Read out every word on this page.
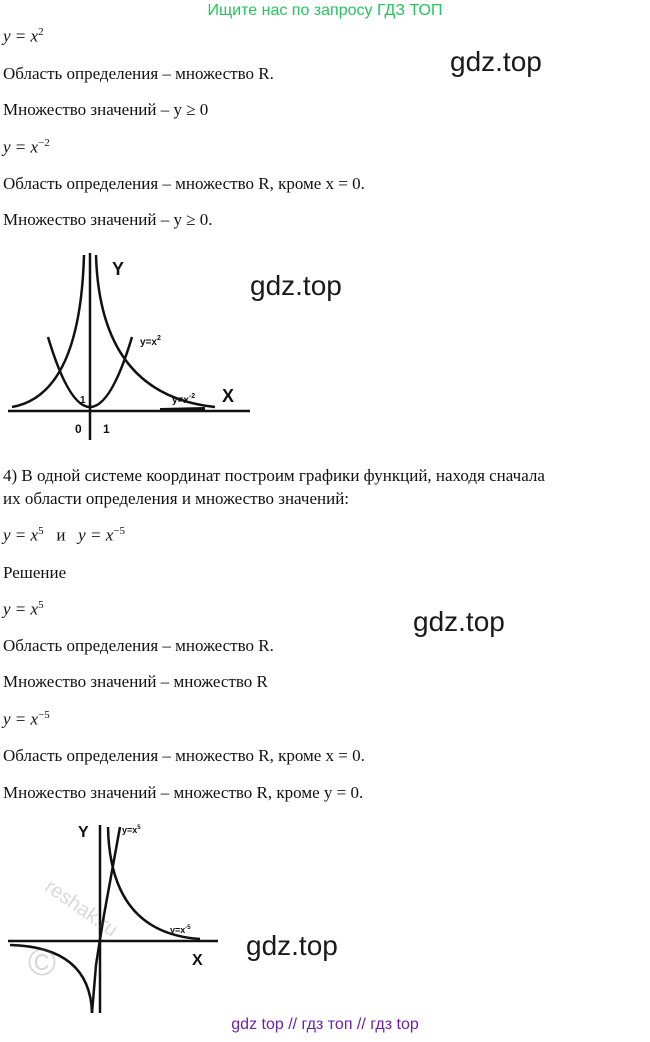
Ищите нас по запросу ГДЗ ТОП
$y = x^2$
Область определения – множество R.
Множество значений – y ≥ 0
$y = x^{-2}$
Область определения – множество R, кроме x = 0.
Множество значений – y ≥ 0.
gdz.top
gdz.top
Y
X
$y=x^2$
$y=x^{-2}$
0 1
1
4) В одной системе координат построим графики функций, находя сначала
их области определения и множество значений:
$y = x^5$ и $y = x^{-5}$
Решение
$y = x^5$
Область определения – множество R.
Множество значений – множество R
$y = x^{-5}$
Область определения – множество R, кроме x = 0.
Множество значений – множество R, кроме y = 0.
gdz.top
gdz.top
Y
X
$y=x^5$
$y=x^{-5}$
reshak.ru
©
gdz top // гдз топ // гдз top
